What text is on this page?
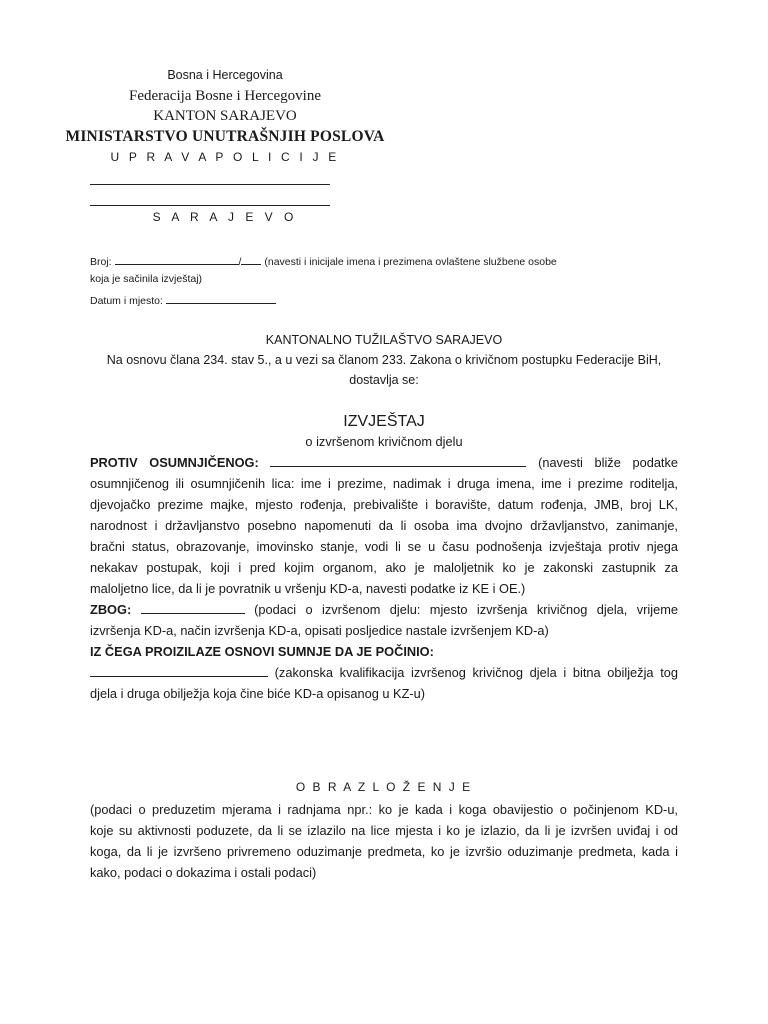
Bosna i Hercegovina
Federacija Bosne i Hercegovine
KANTON SARAJEVO
MINISTARSTVO UNUTRAŠNJIH POSLOVA
U P R A V A P O L I C I J E
S A R A J E V O
Broj:	/ (navesti i inicijale imena i prezimena ovlaštene službene osobe
koja je sačinila izvještaj)
Datum i mjesto:
KANTONALNO TUŽILAŠTVO SARAJEVO
Na osnovu člana 234. stav 5., a u vezi sa članom 233. Zakona o krivičnom postupku Federacije BiH,
dostavlja se:
IZVJEŠTAJ
o izvršenom krivičnom djelu
PROTIV OSUMNJIČENOG:	(navesti bliže podatke
osumnjičenog ili osumnjičenih lica: ime i prezime, nadimak i druga imena, ime i prezime roditelja,
djevojačko prezime majke, mjesto rođenja, prebivalište i boravište, datum rođenja, JMB, broj LK,
narodnost i državljanstvo posebno napomenuti da li osoba ima dvojno državljanstvo, zanimanje,
bračni status, obrazovanje, imovinsko stanje, vodi li se u času podnošenja izvještaja protiv njega
nekakav postupak, koji i pred kojim organom, ako je maloljetnik ko je zakonski zastupnik za
maloljetno lice, da li je povratnik u vršenju KD-a, navesti podatke iz KE i OE.)
ZBOG:	(podaci o izvršenom djelu: mjesto izvršenja krivičnog djela, vrijeme
izvršenja KD-a, način izvršenja KD-a, opisati posljedice nastale izvršenjem KD-a)
IZ ČEGA PROIZILAZE OSNOVI SUMNJE DA JE POČINIO:
(zakonska kvalifikacija izvršenog krivičnog djela i bitna obilježja tog
djela i druga obilježja koja čine biće KD-a opisanog u KZ-u)
O B R A Z L O Ž E N J E
(podaci o preduzetim mjerama i radnjama npr.: ko je kada i koga obavijestio o počinjenom KD-u,
koje su aktivnosti poduzete, da li se izlazilo na lice mjesta i ko je izlazio, da li je izvršen uviđaj i od
koga, da li je izvršeno privremeno oduzimanje predmeta, ko je izvršio oduzimanje predmeta, kada i
kako, podaci o dokazima i ostali podaci)
